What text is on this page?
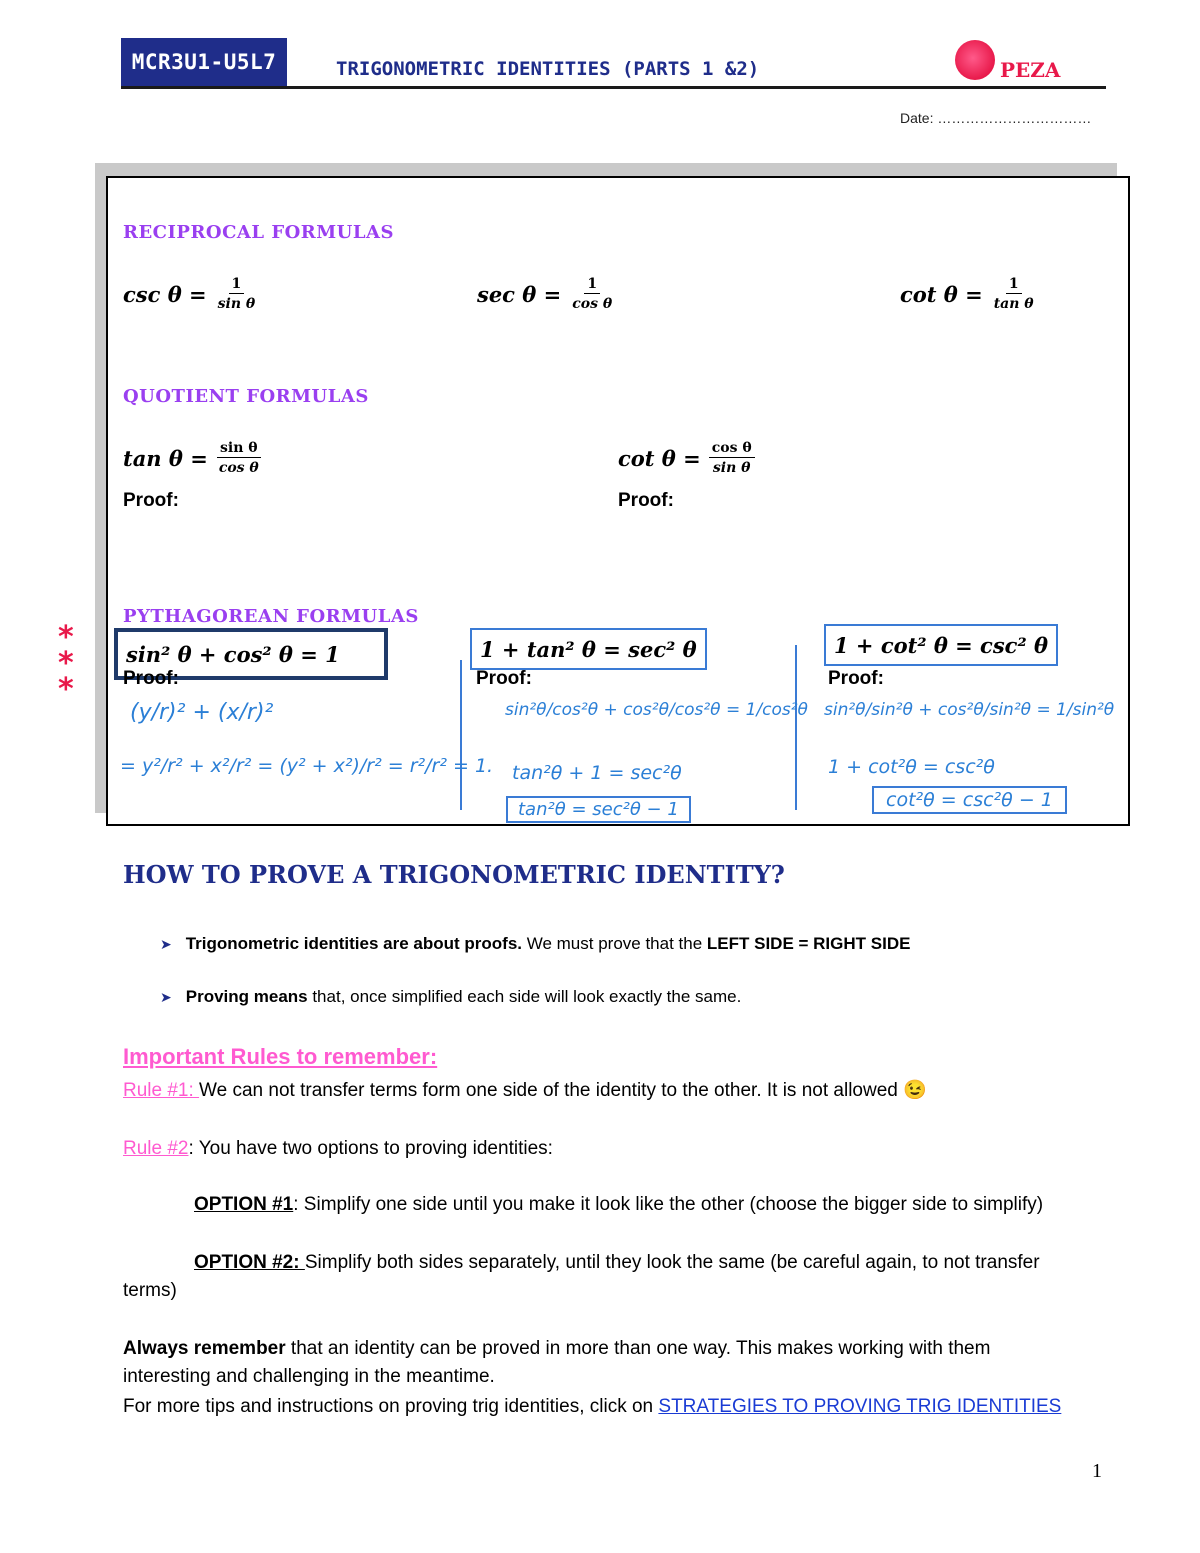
MCR3U1-U5L7	TRIGONOMETRIC IDENTITIES (PARTS 1 &2)	PEZA
Date: ……………………………
RECIPROCAL FORMULAS
$\csc \theta = \frac{1}{\text{sin θ}}$	$\sec \theta = \frac{1}{\text{cos θ}}$	$\cot \theta = \frac{1}{\text{tan θ}}$
QUOTIENT FORMULAS
$\tan \theta = \frac{\text{sin θ}}{\text{cos θ}}$	$\cot \theta = \frac{\text{cos θ}}{\text{sin θ}}$
Proof:	Proof:
PYTHAGOREAN FORMULAS
*
*
*
sin² θ + cos² θ = 1	1 + tan² θ = sec² θ	1 + cot² θ = csc² θ
Proof:	Proof:	Proof:
(y/r)² + (x/r)²
= y²/r² + x²/r² = (y² + x²)/r² = r²/r² = 1.
sin²θ/cos²θ + cos²θ/cos²θ = 1/cos²θ
tan²θ + 1 = sec²θ
tan²θ = sec²θ − 1
sin²θ/sin²θ + cos²θ/sin²θ = 1/sin²θ
1 + cot²θ = csc²θ
cot²θ = csc²θ − 1
HOW TO PROVE A TRIGONOMETRIC IDENTITY?
➤ Trigonometric identities are about proofs. We must prove that the LEFT SIDE = RIGHT SIDE
➤ Proving means that, once simplified each side will look exactly the same.
Important Rules to remember:
Rule #1: We can not transfer terms form one side of the identity to the other. It is not allowed 😉
Rule #2: You have two options to proving identities:
OPTION #1: Simplify one side until you make it look like the other (choose the bigger side to simplify)
OPTION #2: Simplify both sides separately, until they look the same (be careful again, to not transfer terms)
Always remember that an identity can be proved in more than one way. This makes working with them interesting and challenging in the meantime.
For more tips and instructions on proving trig identities, click on STRATEGIES TO PROVING TRIG IDENTITIES
1
